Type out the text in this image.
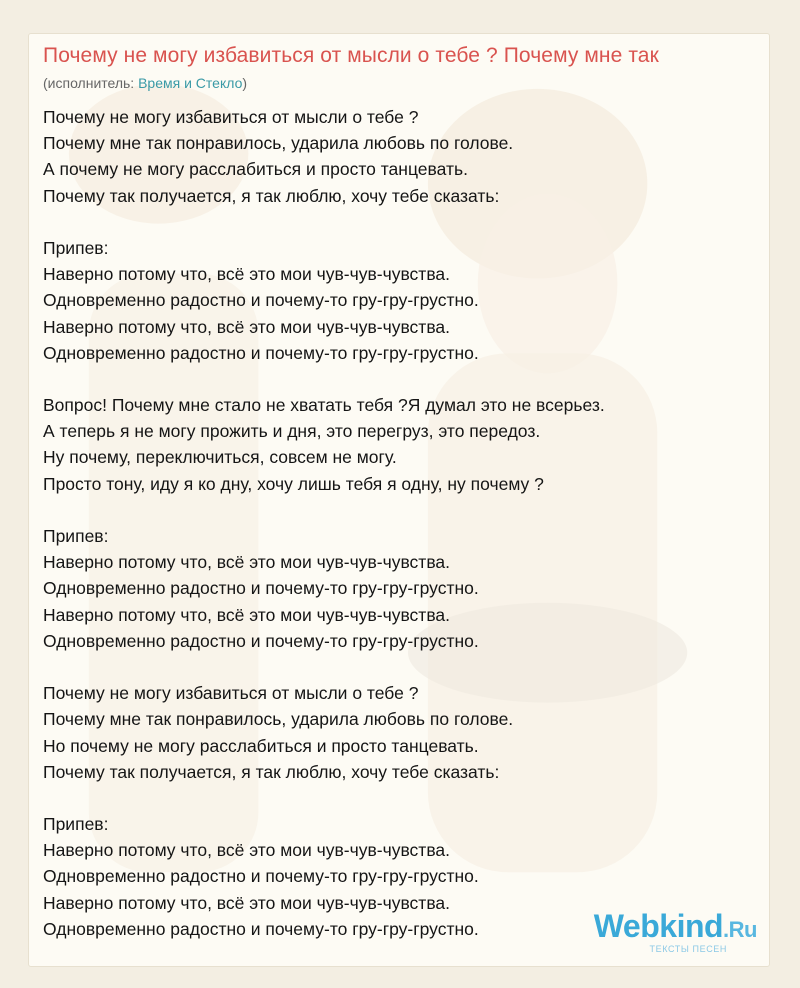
Почему не могу избавиться от мысли о тебе ? Почему мне так
(исполнитель: Время и Стекло)
Почему не могу избавиться от мысли о тебе ?
Почему мне так понравилось, ударила любовь по голове.
А почему не могу расслабиться и просто танцевать.
Почему так получается, я так люблю, хочу тебе сказать:
Припев:
Наверно потому что, всё это мои чув-чув-чувства.
Одновременно радостно и почему-то гру-гру-грустно.
Наверно потому что, всё это мои чув-чув-чувства.
Одновременно радостно и почему-то гру-гру-грустно.
Вопрос! Почему мне стало не хватать тебя ?Я думал это не всерьез.
А теперь я не могу прожить и дня, это перегруз, это передоз.
Ну почему, переключиться, совсем не могу.
Просто тону, иду я ко дну, хочу лишь тебя я одну, ну почему ?
Припев:
Наверно потому что, всё это мои чув-чув-чувства.
Одновременно радостно и почему-то гру-гру-грустно.
Наверно потому что, всё это мои чув-чув-чувства.
Одновременно радостно и почему-то гру-гру-грустно.
Почему не могу избавиться от мысли о тебе ?
Почему мне так понравилось, ударила любовь по голове.
Но почему не могу расслабиться и просто танцевать.
Почему так получается, я так люблю, хочу тебе сказать:
Припев:
Наверно потому что, всё это мои чув-чув-чувства.
Одновременно радостно и почему-то гру-гру-грустно.
Наверно потому что, всё это мои чув-чув-чувства.
Одновременно радостно и почему-то гру-гру-грустно.	Webkind.Ru
ТЕКСТЫ ПЕСЕН
